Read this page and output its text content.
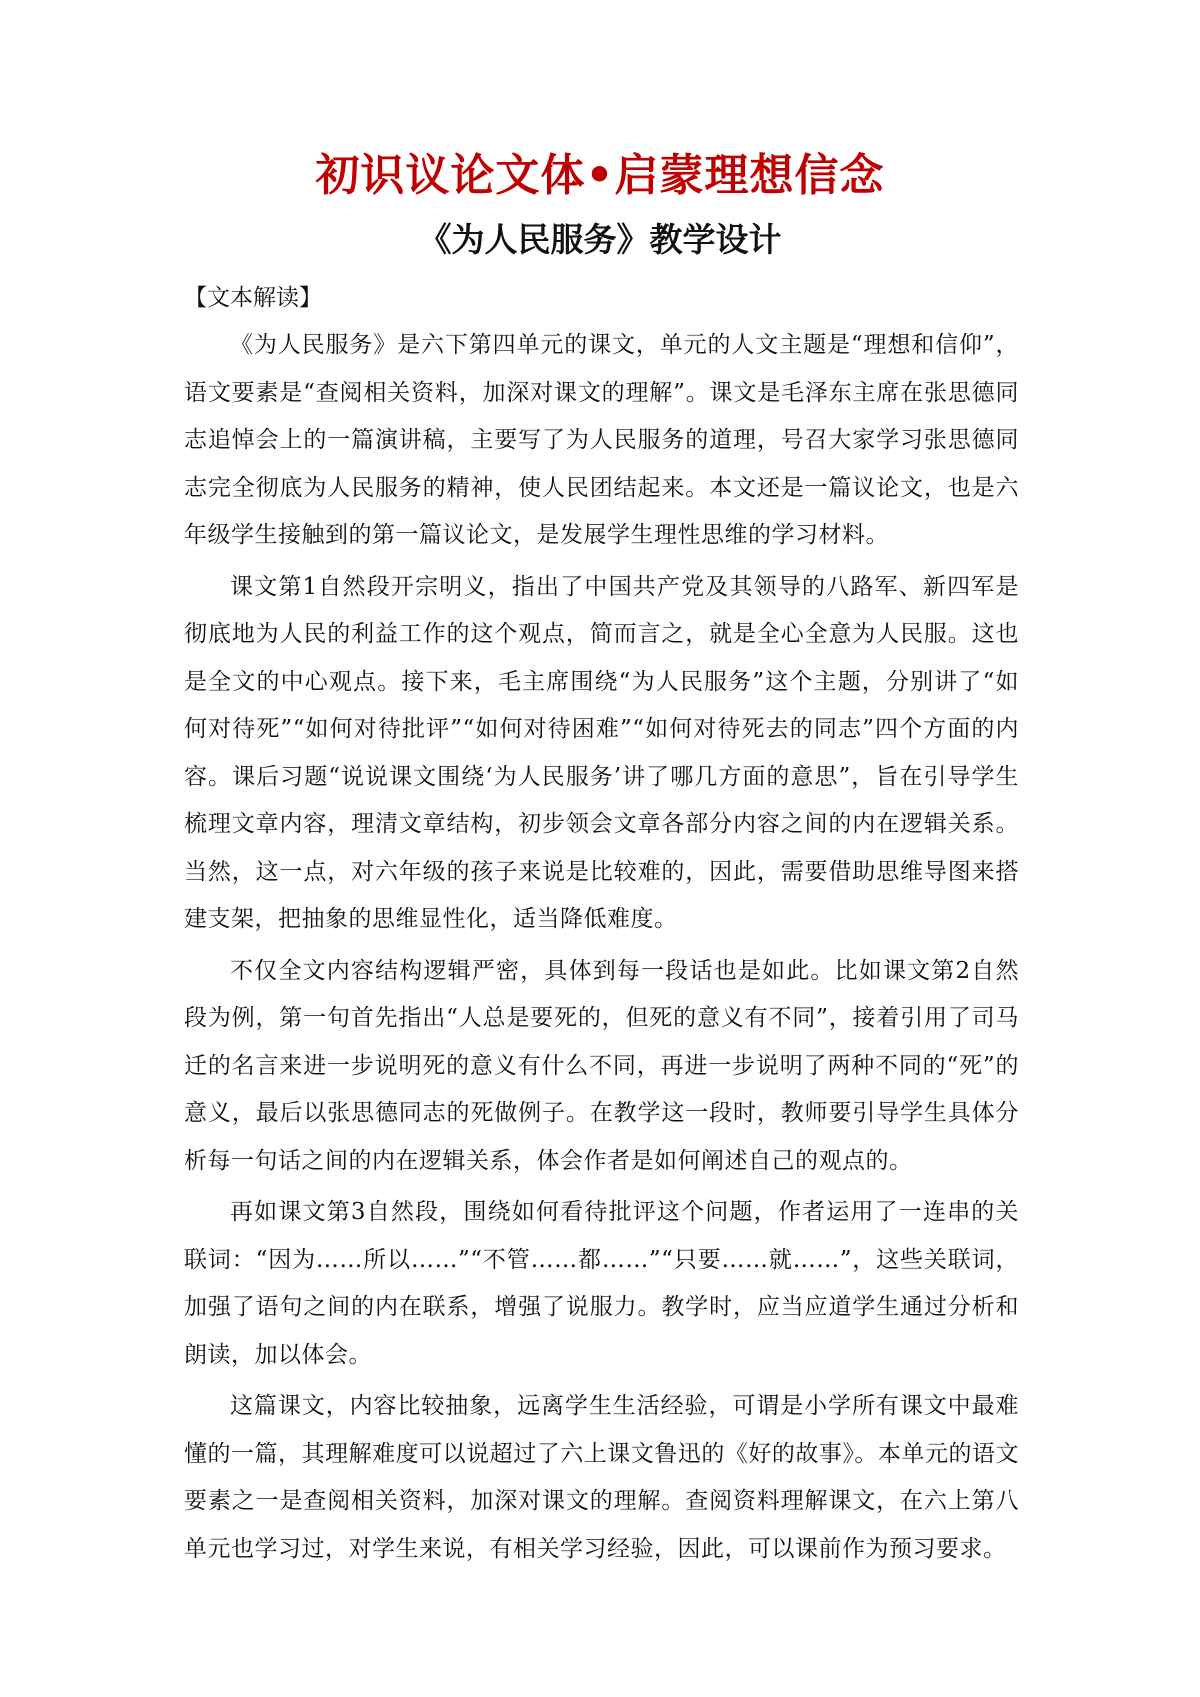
初识议论文体•启蒙理想信念
《为人民服务》教学设计
【文本解读】

《为人民服务》是六下第四单元的课文，单元的人文主题是“理想和信仰”，语文要素是“查阅相关资料，加深对课文的理解”。课文是毛泽东主席在张思德同志追悼会上的一篇演讲稿，主要写了为人民服务的道理，号召大家学习张思德同志完全彻底为人民服务的精神，使人民团结起来。本文还是一篇议论文，也是六年级学生接触到的第一篇议论文，是发展学生理性思维的学习材料。

课文第1自然段开宗明义，指出了中国共产党及其领导的八路军、新四军是彻底地为人民的利益工作的这个观点，简而言之，就是全心全意为人民服。这也是全文的中心观点。接下来，毛主席围绕“为人民服务”这个主题，分别讲了“如何对待死”“如何对待批评”“如何对待困难”“如何对待死去的同志”四个方面的内容。课后习题“说说课文围绕‘为人民服务’讲了哪几方面的意思”，旨在引导学生梳理文章内容，理清文章结构，初步领会文章各部分内容之间的内在逻辑关系。当然，这一点，对六年级的孩子来说是比较难的，因此，需要借助思维导图来搭建支架，把抽象的思维显性化，适当降低难度。

不仅全文内容结构逻辑严密，具体到每一段话也是如此。比如课文第2自然段为例，第一句首先指出“人总是要死的，但死的意义有不同”，接着引用了司马迁的名言来进一步说明死的意义有什么不同，再进一步说明了两种不同的“死”的意义，最后以张思德同志的死做例子。在教学这一段时，教师要引导学生具体分析每一句话之间的内在逻辑关系，体会作者是如何阐述自己的观点的。

再如课文第3自然段，围绕如何看待批评这个问题，作者运用了一连串的关联词：“因为……所以……”“不管……都……”“只要……就……”，这些关联词，加强了语句之间的内在联系，增强了说服力。教学时，应当应道学生通过分析和朗读，加以体会。

这篇课文，内容比较抽象，远离学生生活经验，可谓是小学所有课文中最难懂的一篇，其理解难度可以说超过了六上课文鲁迅的《好的故事》。本单元的语文要素之一是查阅相关资料，加深对课文的理解。查阅资料理解课文，在六上第八单元也学习过，对学生来说，有相关学习经验，因此，可以课前作为预习要求。
